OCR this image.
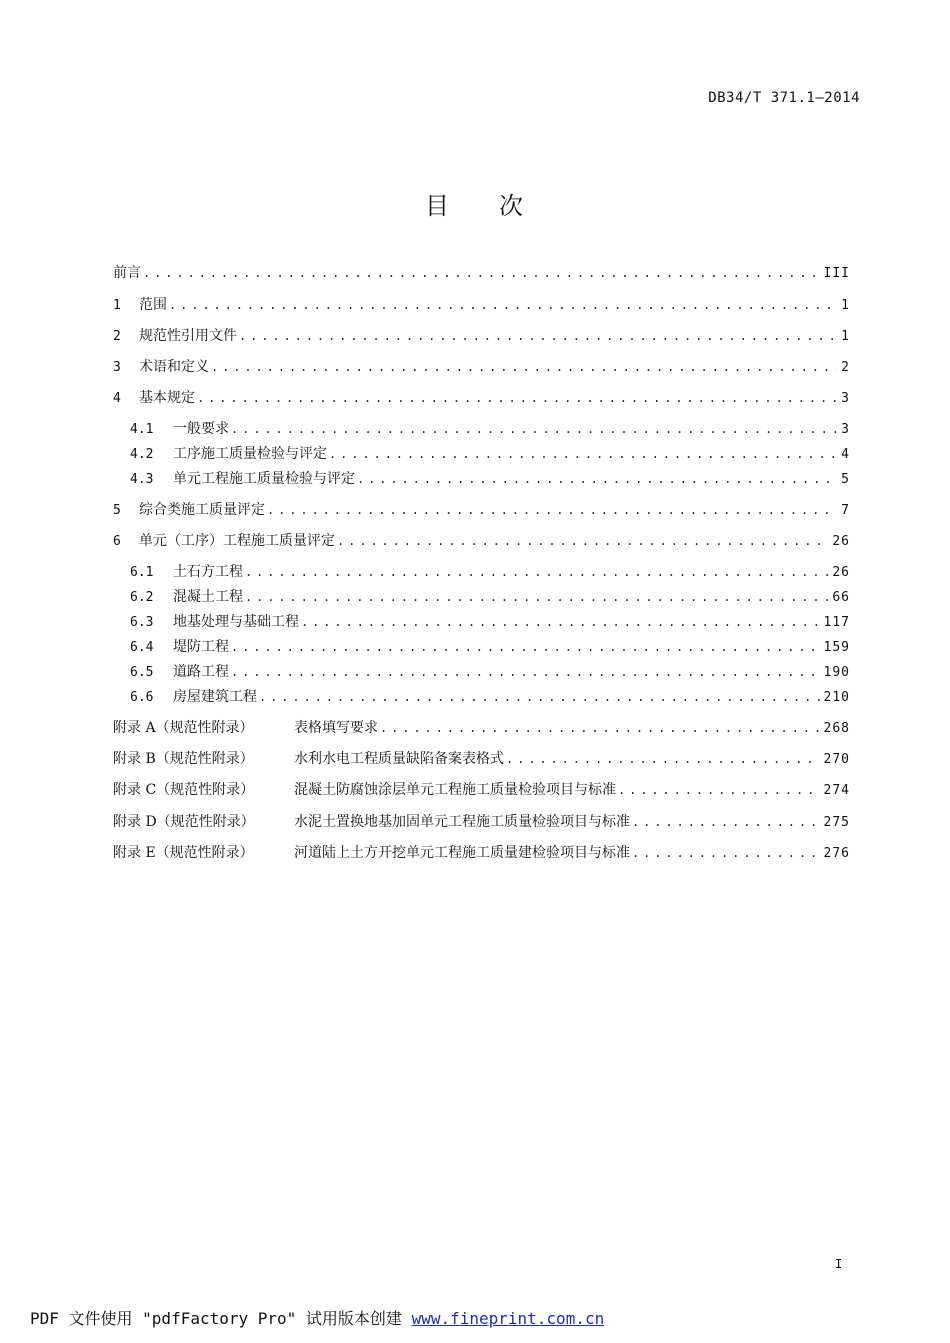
DB34/T 371.1—2014
目 次
前言 .....	III
1	范围 .....	1
2	规范性引用文件 .....	1
3	术语和定义 .....	2
4	基本规定 .....	3
4.1	一般要求 .....	3
4.2	工序施工质量检验与评定 .....	4
4.3	单元工程施工质量检验与评定 .....	5
5	综合类施工质量评定 .....	7
6	单元（工序）工程施工质量评定 .....	26
6.1	土石方工程 .....	26
6.2	混凝土工程 .....	66
6.3	地基处理与基础工程 .....	117
6.4	堤防工程 .....	159
6.5	道路工程 .....	190
6.6	房屋建筑工程 .....	210
附录 A（规范性附录）	表格填写要求 .....	268
附录 B（规范性附录）	水利水电工程质量缺陷备案表格式 .....	270
附录 C（规范性附录）	混凝土防腐蚀涂层单元工程施工质量检验项目与标准 .....	274
附录 D（规范性附录）	水泥土置换地基加固单元工程施工质量检验项目与标准 .....	275
附录 E（规范性附录）	河道陆上土方开挖单元工程施工质量建检验项目与标准 .....	276
I
PDF 文件使用 "pdfFactory Pro" 试用版本创建 www.fineprint.com.cn
